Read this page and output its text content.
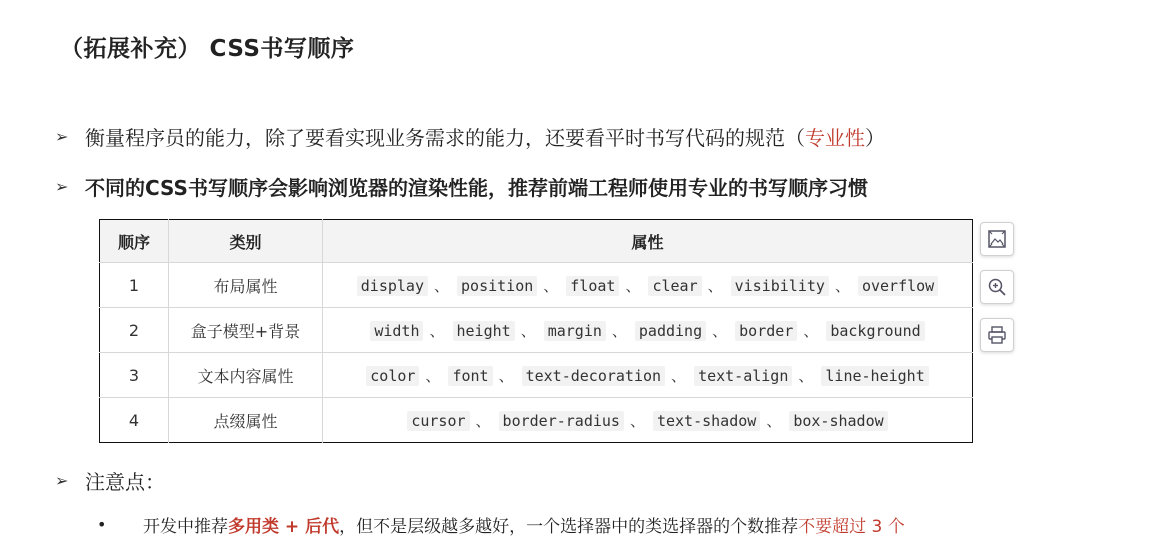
（拓展补充） CSS书写顺序
➢ 衡量程序员的能力，除了要看实现业务需求的能力，还要看平时书写代码的规范（ 专业性 ）
➢ 不同的CSS书写顺序会影响浏览器的渲染性能，推荐前端工程师使用专业的书写顺序习惯
顺序	类别	属性
1	布局属性	display 、 position 、 float 、 clear 、 visibility 、 overflow
2	盒子模型+背景	width 、 height 、 margin 、 padding 、 border 、 background
3	文本内容属性	color 、 font 、 text-decoration 、 text-align 、 line-height
4	点缀属性	cursor 、 border-radius 、 text-shadow 、 box-shadow
➢ 注意点：
•	开发中推荐 多用类 + 后代 ，但不是层级越多越好，一个选择器中的类选择器的个数推荐 不要超过 3 个
